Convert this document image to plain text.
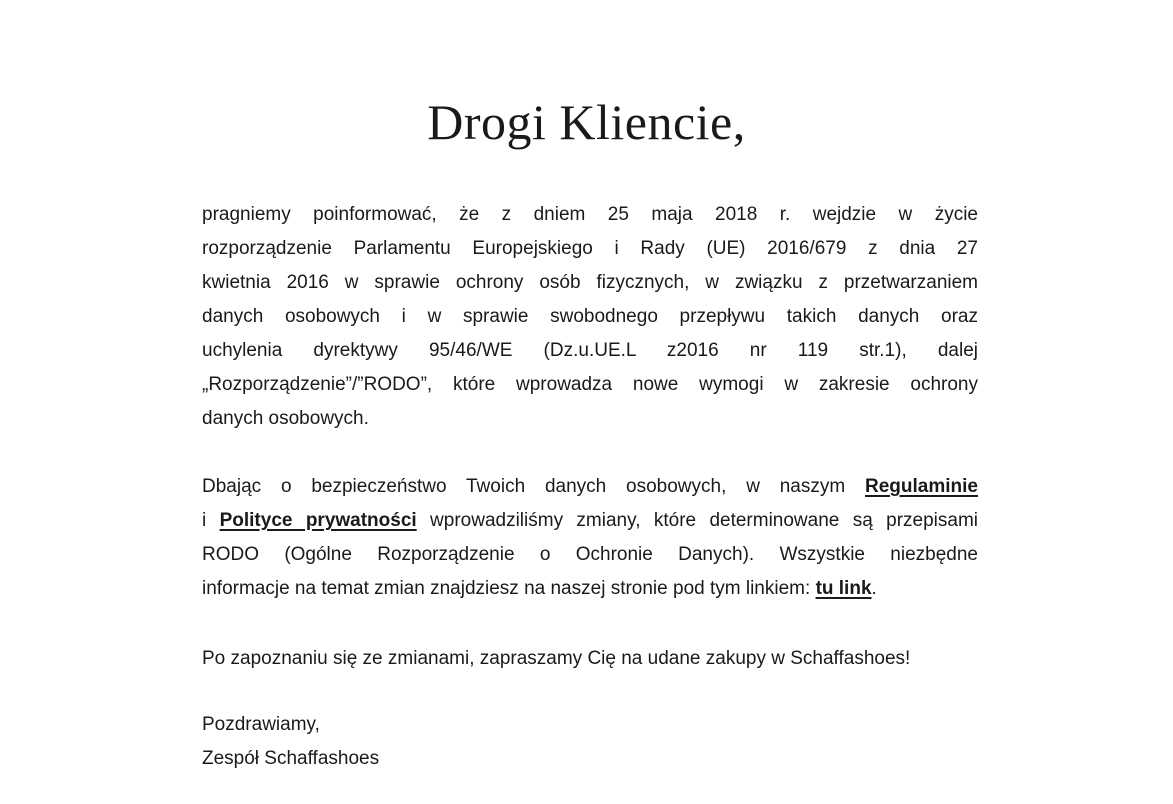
Drogi Kliencie,

pragniemy poinformować, że z dniem 25 maja 2018 r. wejdzie w życie
rozporządzenie Parlamentu Europejskiego i Rady (UE) 2016/679 z dnia 27
kwietnia 2016 w sprawie ochrony osób fizycznych, w związku z przetwarzaniem
danych osobowych i w sprawie swobodnego przepływu takich danych oraz
uchylenia dyrektywy 95/46/WE (Dz.u.UE.L z2016 nr 119 str.1), dalej
„Rozporządzenie”/”RODO”, które wprowadza nowe wymogi w zakresie ochrony
danych osobowych.

Dbając o bezpieczeństwo Twoich danych osobowych, w naszym Regulaminie
i Polityce prywatności wprowadziliśmy zmiany, które determinowane są przepisami
RODO (Ogólne Rozporządzenie o Ochronie Danych). Wszystkie niezbędne
informacje na temat zmian znajdziesz na naszej stronie pod tym linkiem: tu link.

Po zapoznaniu się ze zmianami, zapraszamy Cię na udane zakupy w Schaffashoes!

Pozdrawiamy,
Zespół Schaffashoes
